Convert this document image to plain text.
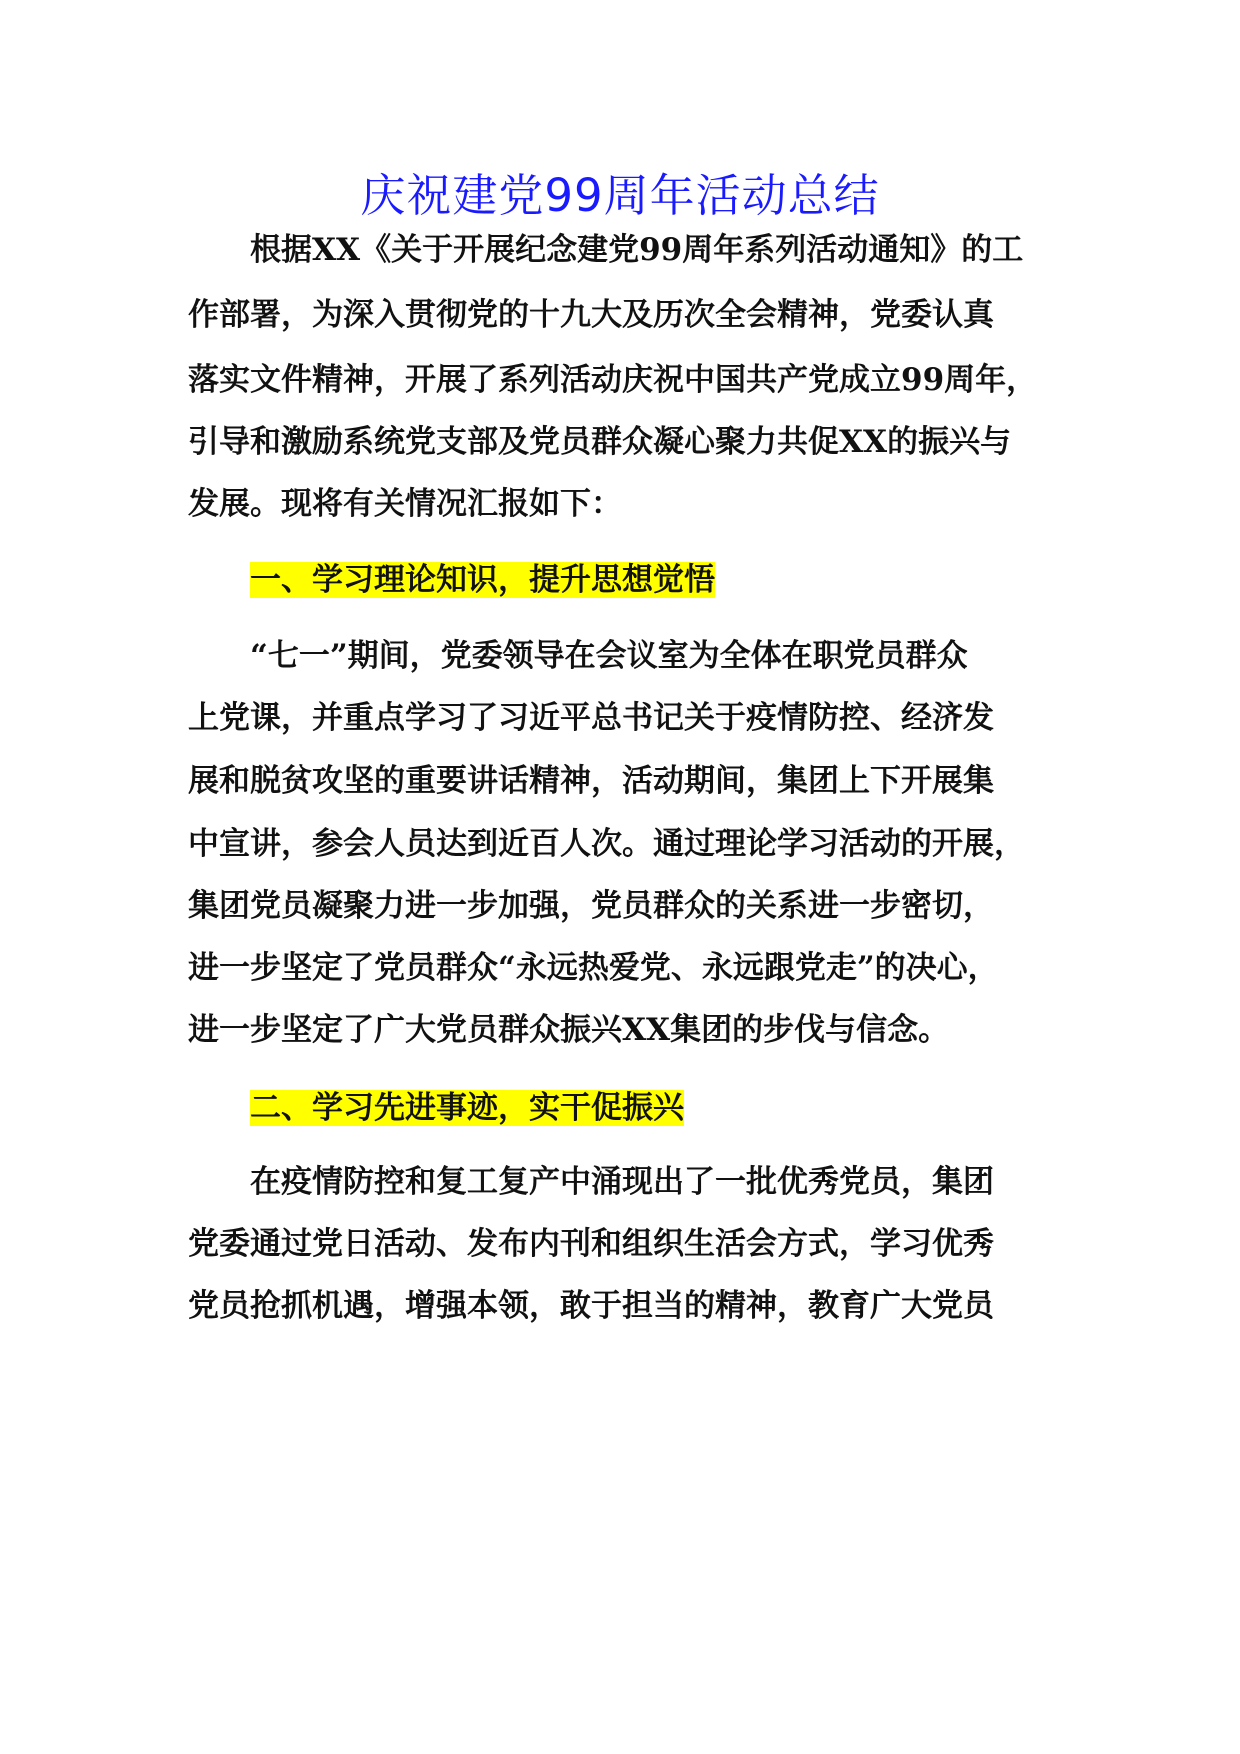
庆祝建党99周年活动总结

根据XX《关于开展纪念建党99周年系列活动通知》的工

作部署，为深入贯彻党的十九大及历次全会精神，党委认真

落实文件精神，开展了系列活动庆祝中国共产党成立99周年，

引导和激励系统党支部及党员群众凝心聚力共促XX的振兴与

发展。现将有关情况汇报如下：

一、学习理论知识，提升思想觉悟

“七一”期间，党委领导在会议室为全体在职党员群众

上党课，并重点学习了习近平总书记关于疫情防控、经济发

展和脱贫攻坚的重要讲话精神，活动期间，集团上下开展集

中宣讲，参会人员达到近百人次。通过理论学习活动的开展，

集团党员凝聚力进一步加强，党员群众的关系进一步密切，

进一步坚定了党员群众“永远热爱党、永远跟党走”的决心，

进一步坚定了广大党员群众振兴XX集团的步伐与信念。

二、学习先进事迹，实干促振兴

在疫情防控和复工复产中涌现出了一批优秀党员，集团

党委通过党日活动、发布内刊和组织生活会方式，学习优秀

党员抢抓机遇，增强本领，敢于担当的精神，教育广大党员
